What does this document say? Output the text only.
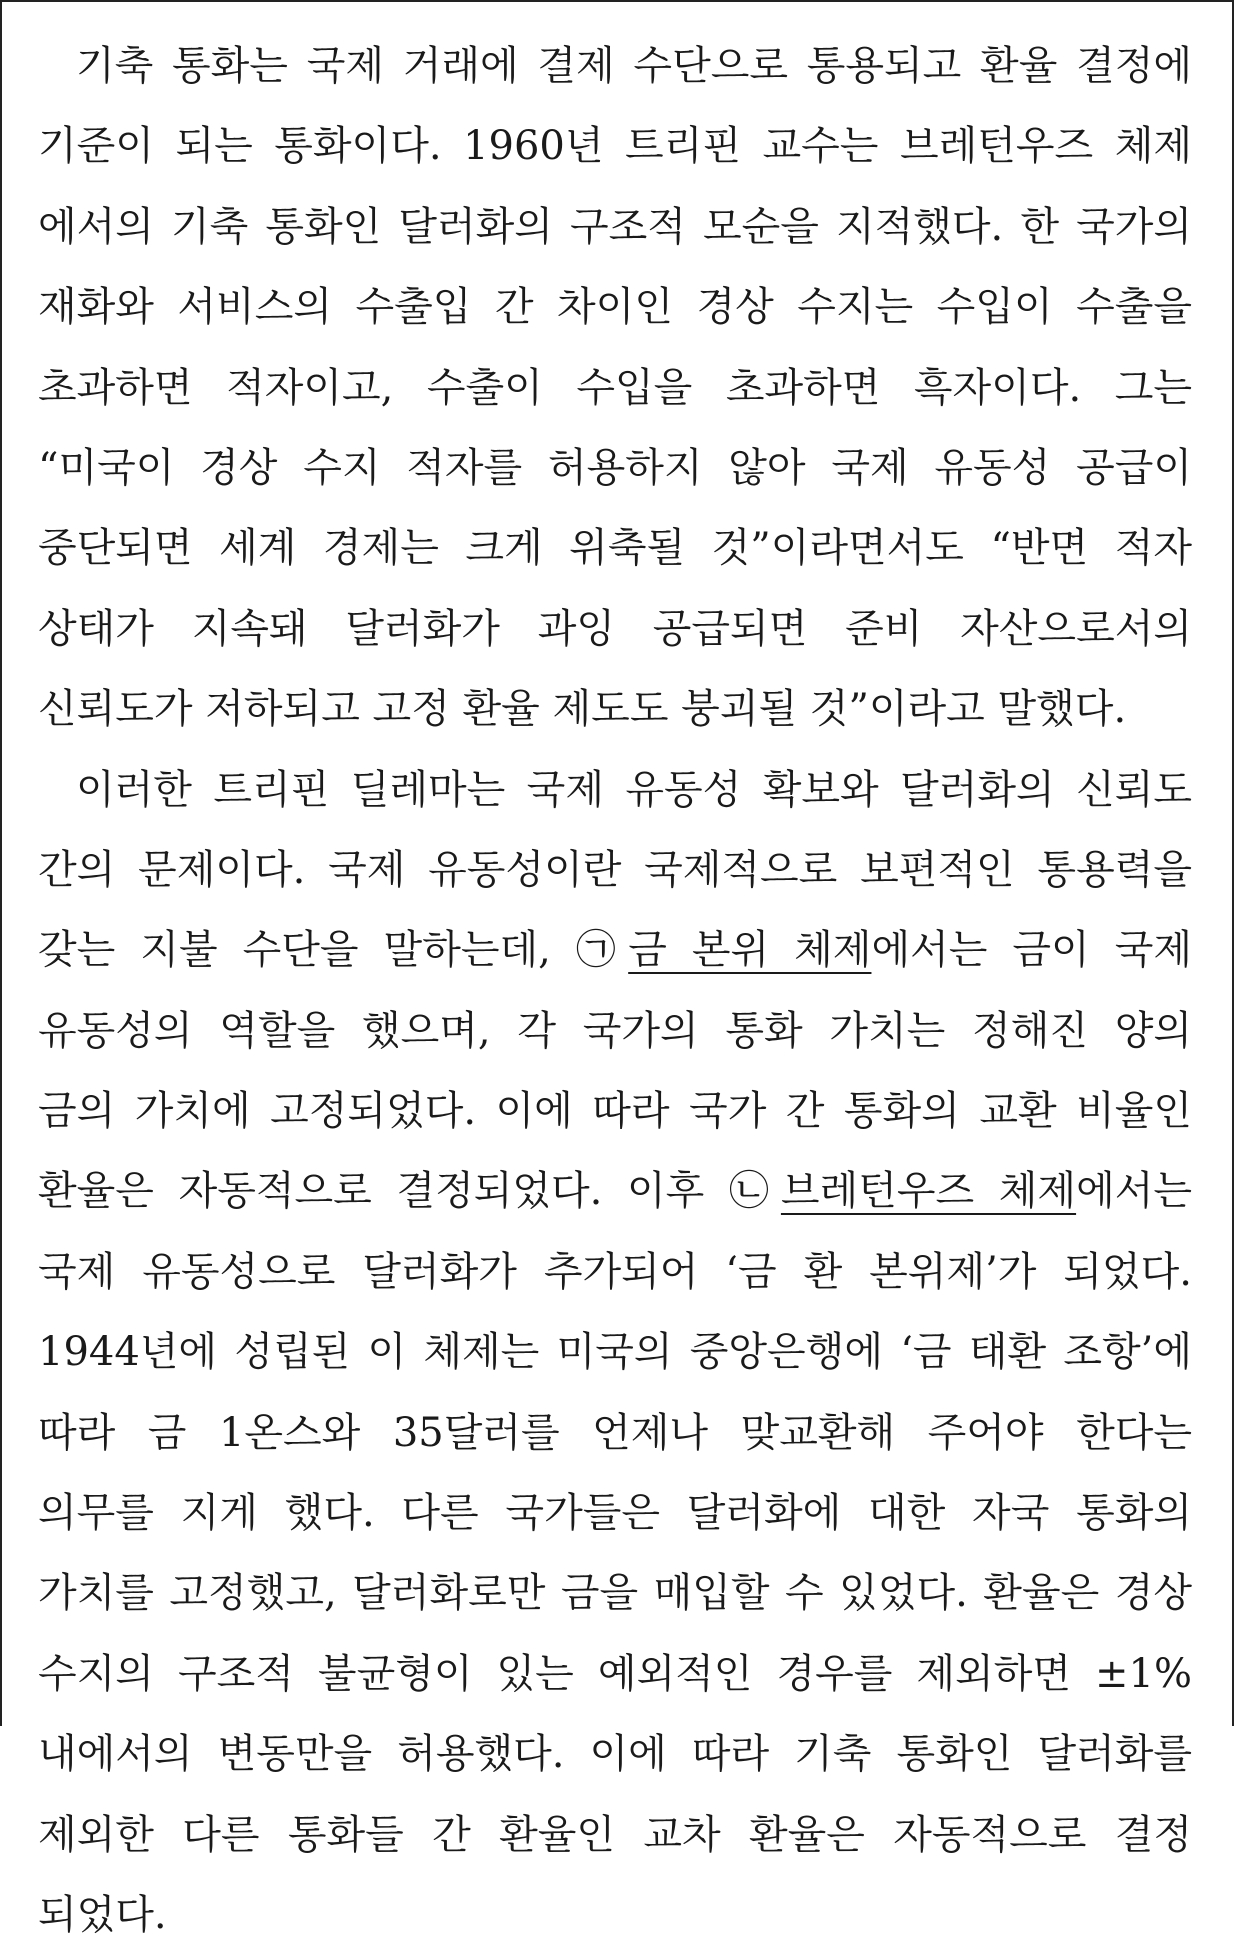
기축 통화는 국제 거래에 결제 수단으로 통용되고 환율 결정에
기준이 되는 통화이다. 1960년 트리핀 교수는 브레턴우즈 체제
에서의 기축 통화인 달러화의 구조적 모순을 지적했다. 한 국가의
재화와 서비스의 수출입 간 차이인 경상 수지는 수입이 수출을
초과하면 적자이고, 수출이 수입을 초과하면 흑자이다. 그는
“미국이 경상 수지 적자를 허용하지 않아 국제 유동성 공급이
중단되면 세계 경제는 크게 위축될 것”이라면서도 “반면 적자
상태가 지속돼 달러화가 과잉 공급되면 준비 자산으로서의
신뢰도가 저하되고 고정 환율 제도도 붕괴될 것”이라고 말했다.
이러한 트리핀 딜레마는 국제 유동성 확보와 달러화의 신뢰도
간의 문제이다. 국제 유동성이란 국제적으로 보편적인 통용력을
갖는 지불 수단을 말하는데, ㉠금 본위 체제에서는 금이 국제
유동성의 역할을 했으며, 각 국가의 통화 가치는 정해진 양의
금의 가치에 고정되었다. 이에 따라 국가 간 통화의 교환 비율인
환율은 자동적으로 결정되었다. 이후 ㉡브레턴우즈 체제에서는
국제 유동성으로 달러화가 추가되어 ‘금 환 본위제’가 되었다.
1944년에 성립된 이 체제는 미국의 중앙은행에 ‘금 태환 조항’에
따라 금 1온스와 35달러를 언제나 맞교환해 주어야 한다는
의무를 지게 했다. 다른 국가들은 달러화에 대한 자국 통화의
가치를 고정했고, 달러화로만 금을 매입할 수 있었다. 환율은 경상
수지의 구조적 불균형이 있는 예외적인 경우를 제외하면 ±1%
내에서의 변동만을 허용했다. 이에 따라 기축 통화인 달러화를
제외한 다른 통화들 간 환율인 교차 환율은 자동적으로 결정
되었다.
